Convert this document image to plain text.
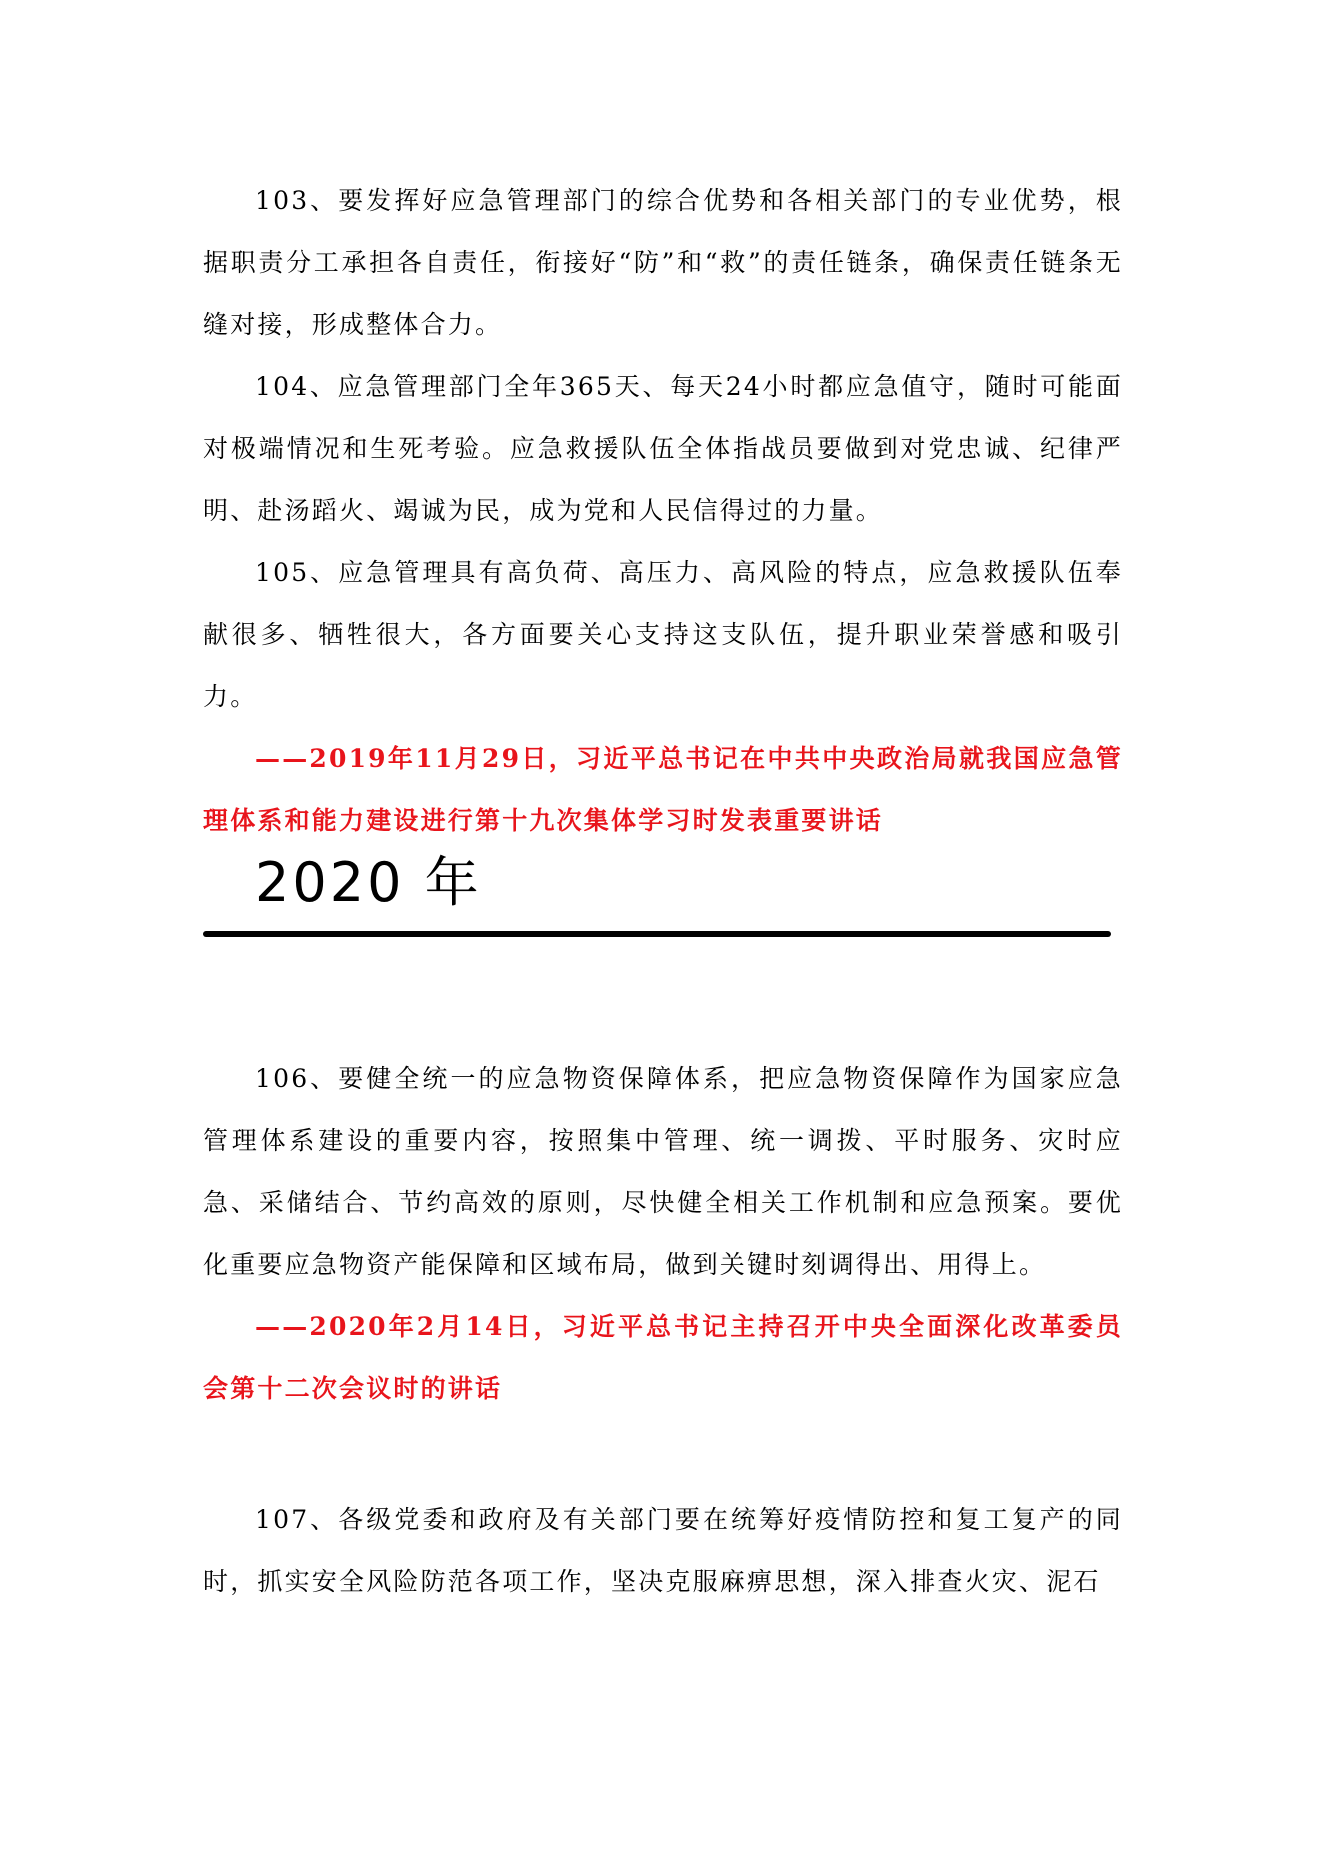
103、要发挥好应急管理部门的综合优势和各相关部门的专业优势，根据职责分工承担各自责任，衔接好“防”和“救”的责任链条，确保责任链条无缝对接，形成整体合力。

104、应急管理部门全年365天、每天24小时都应急值守，随时可能面对极端情况和生死考验。应急救援队伍全体指战员要做到对党忠诚、纪律严明、赴汤蹈火、竭诚为民，成为党和人民信得过的力量。

105、应急管理具有高负荷、高压力、高风险的特点，应急救援队伍奉献很多、牺牲很大，各方面要关心支持这支队伍，提升职业荣誉感和吸引力。

——2019年11月29日，习近平总书记在中共中央政治局就我国应急管理体系和能力建设进行第十九次集体学习时发表重要讲话

2020 年

106、要健全统一的应急物资保障体系，把应急物资保障作为国家应急管理体系建设的重要内容，按照集中管理、统一调拨、平时服务、灾时应急、采储结合、节约高效的原则，尽快健全相关工作机制和应急预案。要优化重要应急物资产能保障和区域布局，做到关键时刻调得出、用得上。

——2020年2月14日，习近平总书记主持召开中央全面深化改革委员会第十二次会议时的讲话

107、各级党委和政府及有关部门要在统筹好疫情防控和复工复产的同时，抓实安全风险防范各项工作，坚决克服麻痹思想，深入排查火灾、泥石
